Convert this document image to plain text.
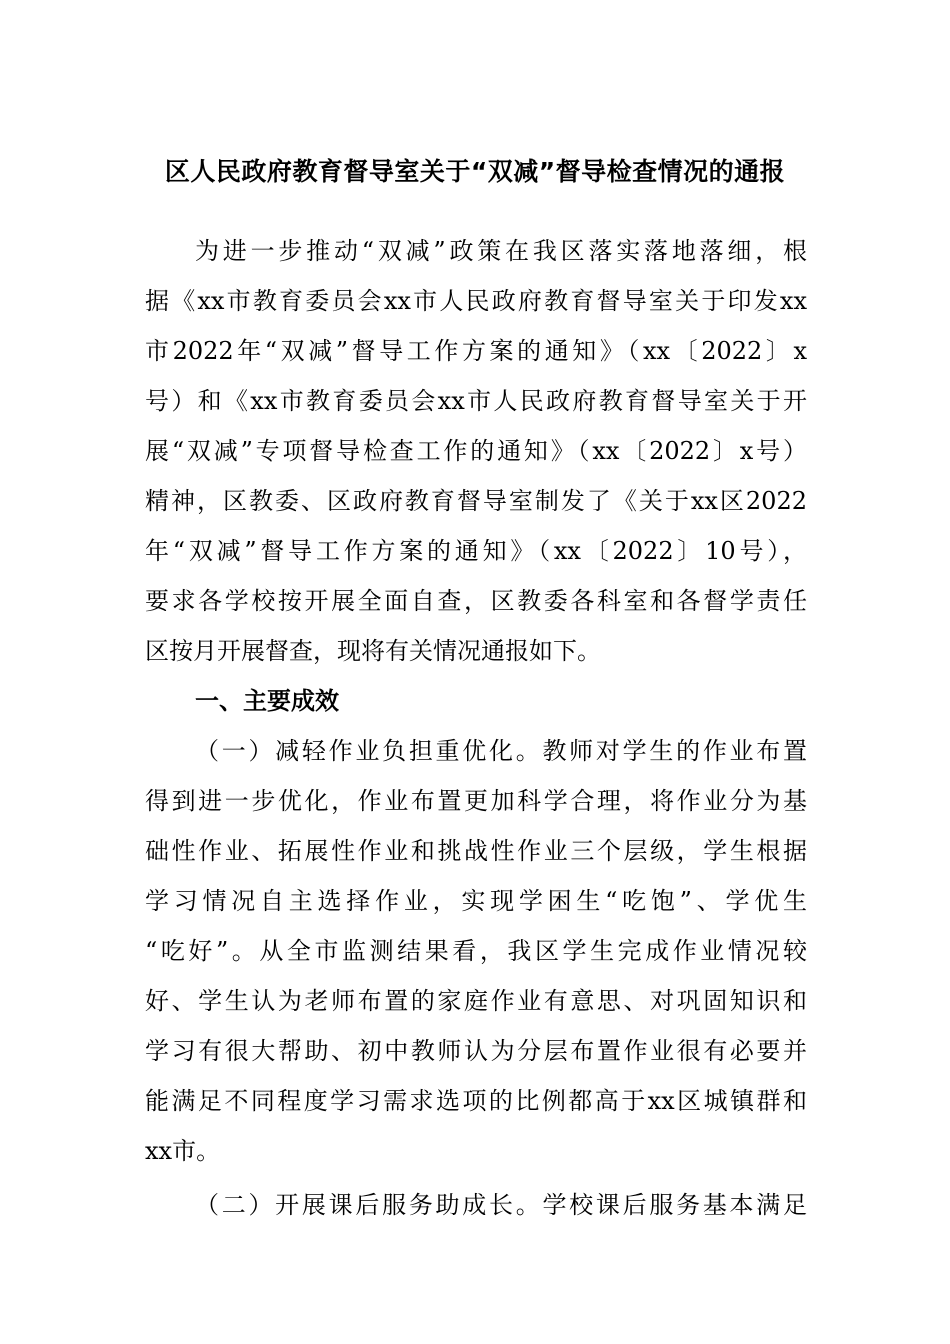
区人民政府教育督导室关于“双减”督导检查情况的通报
为进一步推动“双减”政策在我区落实落地落细，根
据《xx市教育委员会xx市人民政府教育督导室关于印发xx
市2022年“双减”督导工作方案的通知》（xx〔2022〕x
号）和《xx市教育委员会xx市人民政府教育督导室关于开
展“双减”专项督导检查工作的通知》（xx〔2022〕x号）
精神，区教委、区政府教育督导室制发了《关于xx区2022
年“双减”督导工作方案的通知》（xx〔2022〕10号），
要求各学校按开展全面自查，区教委各科室和各督学责任
区按月开展督查，现将有关情况通报如下。
一、主要成效
（一）减轻作业负担重优化。教师对学生的作业布置
得到进一步优化，作业布置更加科学合理，将作业分为基
础性作业、拓展性作业和挑战性作业三个层级，学生根据
学习情况自主选择作业，实现学困生“吃饱”、学优生
“吃好”。从全市监测结果看，我区学生完成作业情况较
好、学生认为老师布置的家庭作业有意思、对巩固知识和
学习有很大帮助、初中教师认为分层布置作业很有必要并
能满足不同程度学习需求选项的比例都高于xx区城镇群和
xx市。
（二）开展课后服务助成长。学校课后服务基本满足
